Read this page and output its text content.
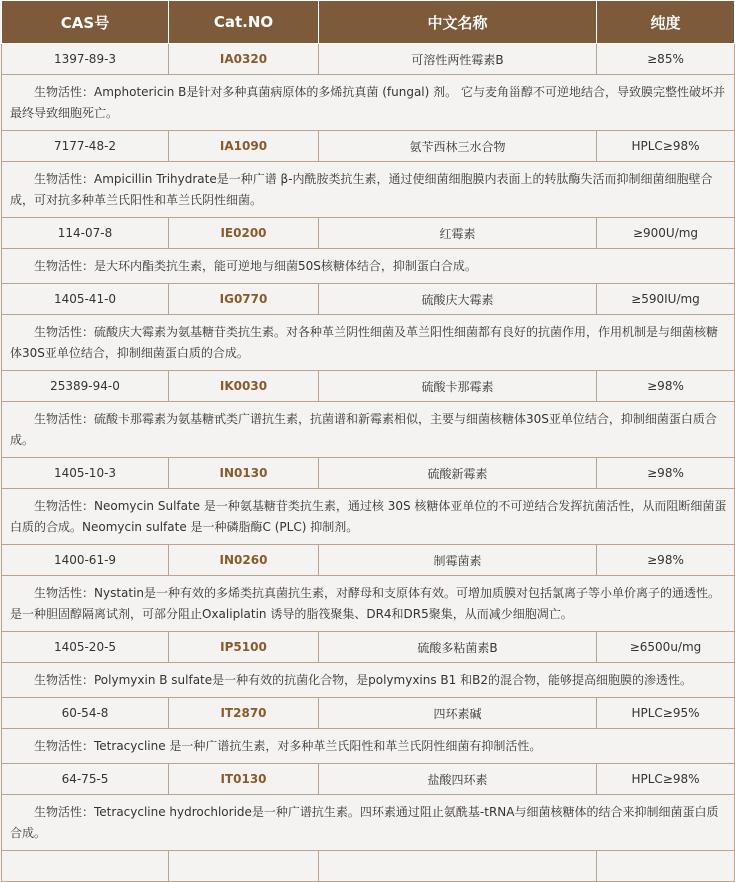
CAS号	Cat.NO	中文名称	纯度
1397-89-3	IA0320	可溶性两性霉素B	≥85%
生物活性：Amphotericin B是针对多种真菌病原体的多烯抗真菌 (fungal) 剂。 它与麦角甾醇不可逆地结合，导致膜完整性破坏并最终导致细胞死亡。			
7177-48-2	IA1090	氨苄西林三水合物	HPLC≥98%
生物活性：Ampicillin Trihydrate是一种广谱 β-内酰胺类抗生素，通过使细菌细胞膜内表面上的转肽酶失活而抑制细菌细胞壁合成，可对抗多种革兰氏阳性和革兰氏阴性细菌。			
114-07-8	IE0200	红霉素	≥900U/mg
生物活性：是大环内酯类抗生素，能可逆地与细菌50S核糖体结合，抑制蛋白合成。			
1405-41-0	IG0770	硫酸庆大霉素	≥590IU/mg
生物活性：硫酸庆大霉素为氨基糖苷类抗生素。对各种革兰阴性细菌及革兰阳性细菌都有良好的抗菌作用，作用机制是与细菌核糖体30S亚单位结合，抑制细菌蛋白质的合成。			
25389-94-0	IK0030	硫酸卡那霉素	≥98%
生物活性：硫酸卡那霉素为氨基糖甙类广谱抗生素，抗菌谱和新霉素相似，主要与细菌核糖体30S亚单位结合，抑制细菌蛋白质合成。			
1405-10-3	IN0130	硫酸新霉素	≥98%
生物活性：Neomycin Sulfate 是一种氨基糖苷类抗生素，通过核 30S 核糖体亚单位的不可逆结合发挥抗菌活性，从而阻断细菌蛋白质的合成。Neomycin sulfate 是一种磷脂酶C (PLC) 抑制剂。			
1400-61-9	IN0260	制霉菌素	≥98%
生物活性：Nystatin是一种有效的多烯类抗真菌抗生素，对酵母和支原体有效。可增加质膜对包括氯离子等小单价离子的通透性。是一种胆固醇隔离试剂，可部分阻止Oxaliplatin 诱导的脂筏聚集、DR4和DR5聚集，从而减少细胞凋亡。			
1405-20-5	IP5100	硫酸多粘菌素B	≥6500u/mg
生物活性：Polymyxin B sulfate是一种有效的抗菌化合物，是polymyxins B1 和B2的混合物，能够提高细胞膜的渗透性。			
60-54-8	IT2870	四环素碱	HPLC≥95%
生物活性：Tetracycline 是一种广谱抗生素，对多种革兰氏阳性和革兰氏阴性细菌有抑制活性。			
64-75-5	IT0130	盐酸四环素	HPLC≥98%
生物活性：Tetracycline hydrochloride是一种广谱抗生素。四环素通过阻止氨酰基-tRNA与细菌核糖体的结合来抑制细菌蛋白质合成。			
